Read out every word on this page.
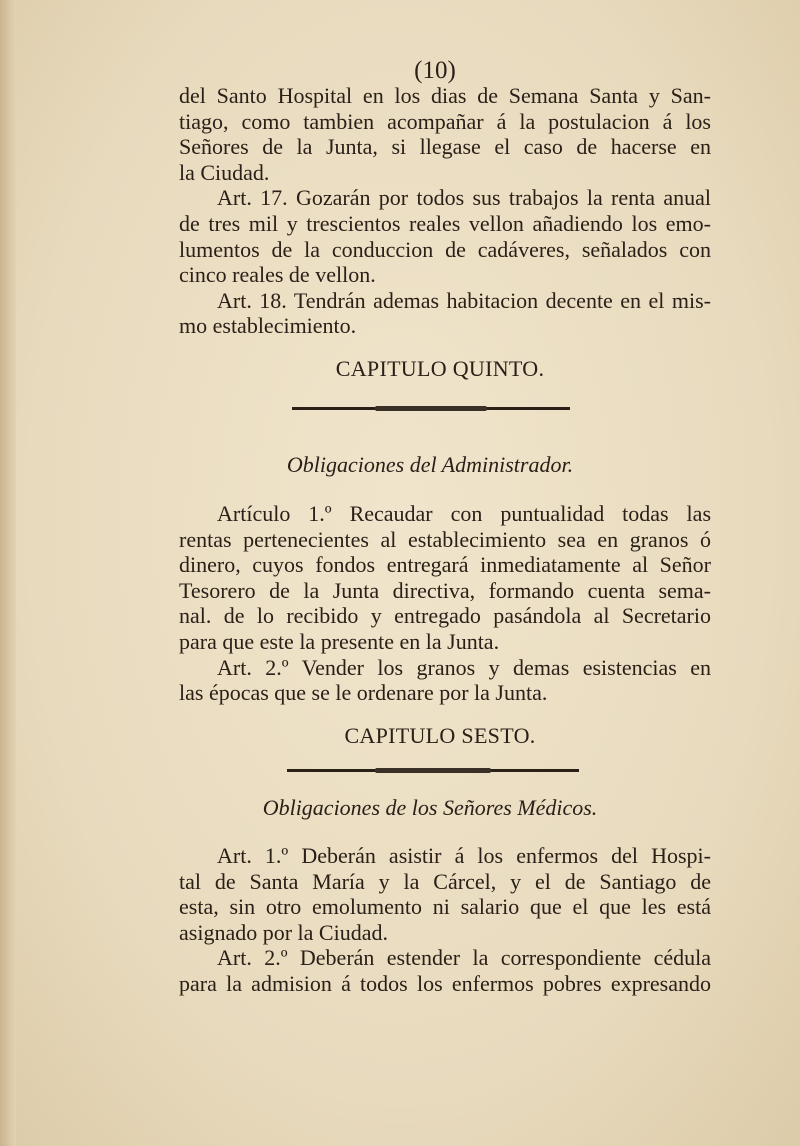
(10)
del Santo Hospital en los dias de Semana Santa y San-
tiago, como tambien acompañar á la postulacion á los
Señores de la Junta, si llegase el caso de hacerse en
la Ciudad.
Art. 17. Gozarán por todos sus trabajos la renta anual
de tres mil y trescientos reales vellon añadiendo los emo-
lumentos de la conduccion de cadáveres, señalados con
cinco reales de vellon.
Art. 18. Tendrán ademas habitacion decente en el mis-
mo establecimiento.
CAPITULO QUINTO.
Obligaciones del Administrador.
Artículo 1.º Recaudar con puntualidad todas las
rentas pertenecientes al establecimiento sea en granos ó
dinero, cuyos fondos entregará inmediatamente al Señor
Tesorero de la Junta directiva, formando cuenta sema-
nal. de lo recibido y entregado pasándola al Secretario
para que este la presente en la Junta.
Art. 2.º Vender los granos y demas esistencias en
las épocas que se le ordenare por la Junta.
CAPITULO SESTO.
Obligaciones de los Señores Médicos.
Art. 1.º Deberán asistir á los enfermos del Hospi-
tal de Santa María y la Cárcel, y el de Santiago de
esta, sin otro emolumento ni salario que el que les está
asignado por la Ciudad.
Art. 2.º Deberán estender la correspondiente cédula
para la admision á todos los enfermos pobres expresando
